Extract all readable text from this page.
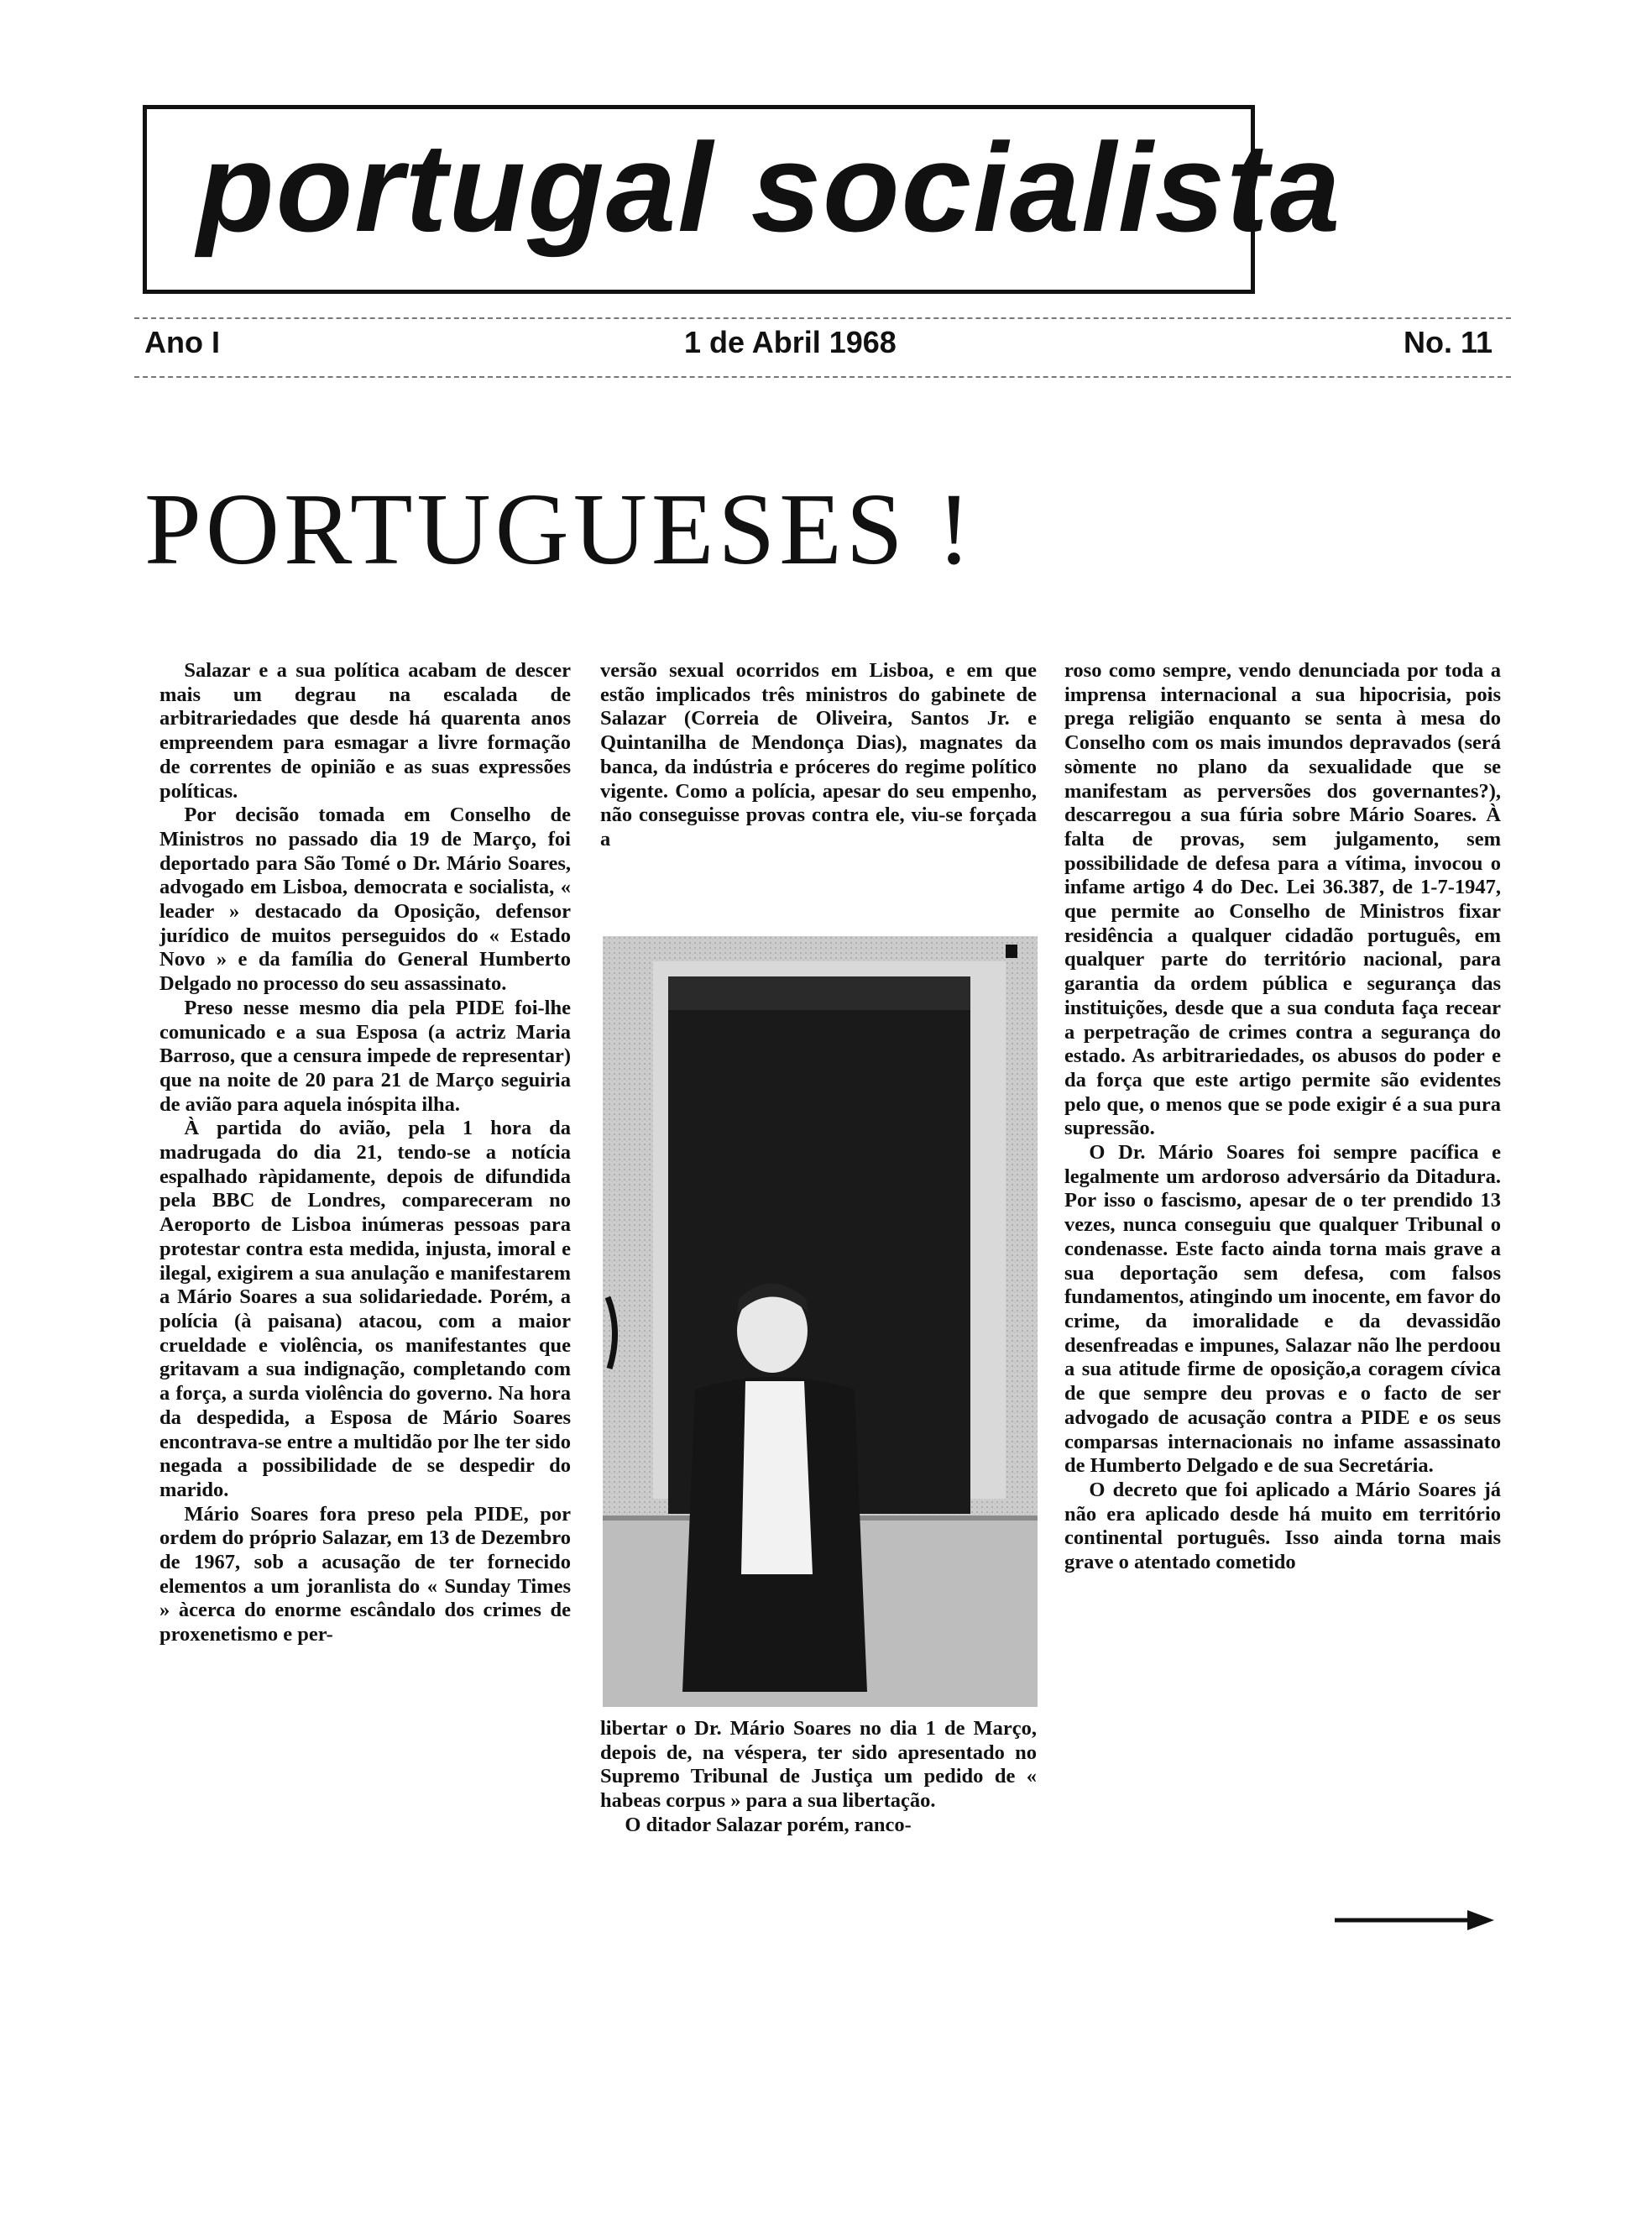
portugal socialista
Ano I	1 de Abril 1968	No. 11
PORTUGUESES !

Salazar e a sua política acabam de descer mais um degrau na escalada de arbitrariedades que desde há quarenta anos empreendem para esmagar a livre formação de correntes de opinião e as suas expressões políticas.

Por decisão tomada em Conselho de Ministros no passado dia 19 de Março, foi deportado para São Tomé o Dr. Mário Soares, advogado em Lisboa, democrata e socialista, « leader » destacado da Oposição, defensor jurídico de muitos perseguidos do « Estado Novo » e da família do General Humberto Delgado no processo do seu assassinato.

Preso nesse mesmo dia pela PIDE foi-lhe comunicado e a sua Esposa (a actriz Maria Barroso, que a censura impede de representar) que na noite de 20 para 21 de Março seguiria de avião para aquela inóspita ilha.

À partida do avião, pela 1 hora da madrugada do dia 21, tendo-se a notícia espalhado ràpidamente, depois de difundida pela BBC de Londres, compareceram no Aeroporto de Lisboa inúmeras pessoas para protestar contra esta medida, injusta, imoral e ilegal, exigirem a sua anulação e manifestarem a Mário Soares a sua solidariedade. Porém, a polícia (à paisana) atacou, com a maior crueldade e violência, os manifestantes que gritavam a sua indignação, completando com a força, a surda violência do governo. Na hora da despedida, a Esposa de Mário Soares encontrava-se entre a multidão por lhe ter sido negada a possibilidade de se despedir do marido.

Mário Soares fora preso pela PIDE, por ordem do próprio Salazar, em 13 de Dezembro de 1967, sob a acusação de ter fornecido elementos a um joranlista do « Sunday Times » àcerca do enorme escândalo dos crimes de proxenetismo e per-

versão sexual ocorridos em Lisboa, e em que estão implicados três ministros do gabinete de Salazar (Correia de Oliveira, Santos Jr. e Quintanilha de Mendonça Dias), magnates da banca, da indústria e próceres do regime político vigente. Como a polícia, apesar do seu empenho, não conseguisse provas contra ele, viu-se forçada a

libertar o Dr. Mário Soares no dia 1 de Março, depois de, na véspera, ter sido apresentado no Supremo Tribunal de Justiça um pedido de « habeas corpus » para a sua libertação.

O ditador Salazar porém, ranco-

roso como sempre, vendo denunciada por toda a imprensa internacional a sua hipocrisia, pois prega religião enquanto se senta à mesa do Conselho com os mais imundos depravados (será sòmente no plano da sexualidade que se manifestam as perversões dos governantes?), descarregou a sua fúria sobre Mário Soares. À falta de provas, sem julgamento, sem possibilidade de defesa para a vítima, invocou o infame artigo 4 do Dec. Lei 36.387, de 1-7-1947, que permite ao Conselho de Ministros fixar residência a qualquer cidadão português, em qualquer parte do território nacional, para garantia da ordem pública e segurança das instituições, desde que a sua conduta faça recear a perpetração de crimes contra a segurança do estado. As arbitrariedades, os abusos do poder e da força que este artigo permite são evidentes pelo que, o menos que se pode exigir é a sua pura supressão.

O Dr. Mário Soares foi sempre pacífica e legalmente um ardoroso adversário da Ditadura. Por isso o fascismo, apesar de o ter prendido 13 vezes, nunca conseguiu que qualquer Tribunal o condenasse. Este facto ainda torna mais grave a sua deportação sem defesa, com falsos fundamentos, atingindo um inocente, em favor do crime, da imoralidade e da devassidão desenfreadas e impunes, Salazar não lhe perdoou a sua atitude firme de oposição,a coragem cívica de que sempre deu provas e o facto de ser advogado de acusação contra a PIDE e os seus comparsas internacionais no infame assassinato de Humberto Delgado e de sua Secretária.

O decreto que foi aplicado a Mário Soares já não era aplicado desde há muito em território continental português. Isso ainda torna mais grave o atentado cometido
